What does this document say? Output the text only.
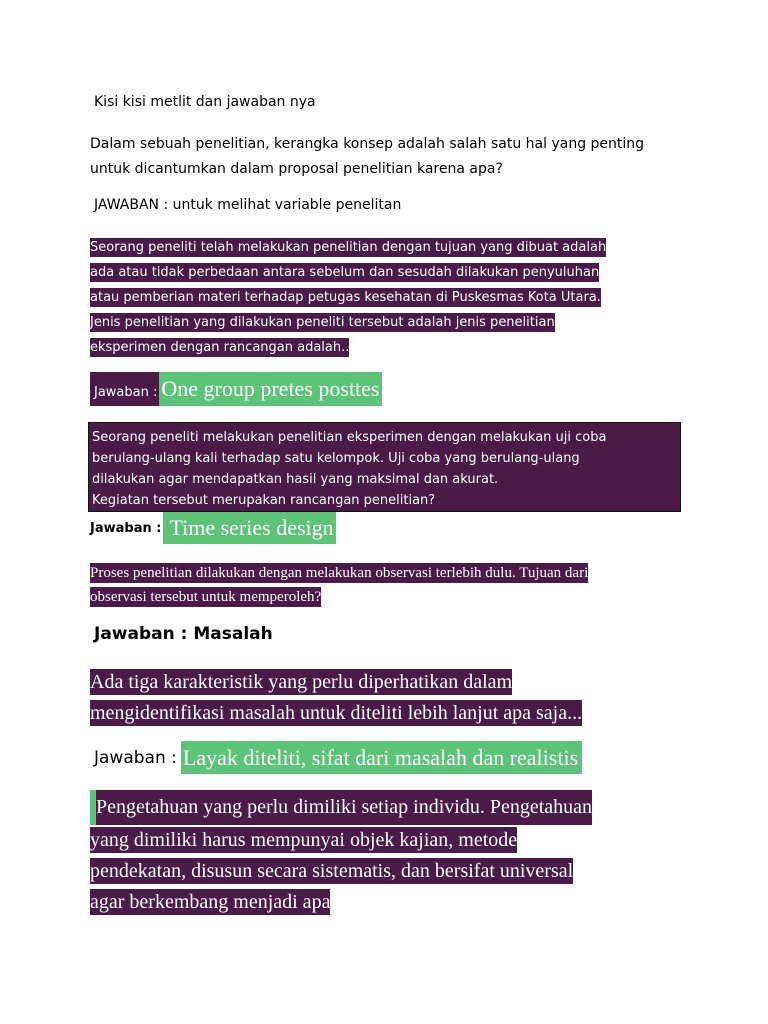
Kisi kisi metlit dan jawaban nya
Dalam sebuah penelitian, kerangka konsep adalah salah satu hal yang penting untuk dicantumkan dalam proposal penelitian karena apa?
JAWABAN : untuk melihat variable penelitan
Seorang peneliti telah melakukan penelitian dengan tujuan yang dibuat adalah
ada atau tidak perbedaan antara sebelum dan sesudah dilakukan penyuluhan
atau pemberian materi terhadap petugas kesehatan di Puskesmas Kota Utara.
Jenis penelitian yang dilakukan peneliti tersebut adalah jenis penelitian
eksperimen dengan rancangan adalah..
Jawaban : One group pretes posttes
Seorang peneliti melakukan penelitian eksperimen dengan melakukan uji coba
berulang-ulang kali terhadap satu kelompok. Uji coba yang berulang-ulang
dilakukan agar mendapatkan hasil yang maksimal dan akurat.
Kegiatan tersebut merupakan rancangan penelitian?
Jawaban : Time series design
Proses penelitian dilakukan dengan melakukan observasi terlebih dulu. Tujuan dari
observasi tersebut untuk memperoleh?
Jawaban : Masalah
Ada tiga karakteristik yang perlu diperhatikan dalam
mengidentifikasi masalah untuk diteliti lebih lanjut apa saja...
Jawaban : Layak diteliti, sifat dari masalah dan realistis
Pengetahuan yang perlu dimiliki setiap individu. Pengetahuan
yang dimiliki harus mempunyai objek kajian, metode
pendekatan, disusun secara sistematis, dan bersifat universal
agar berkembang menjadi apa
